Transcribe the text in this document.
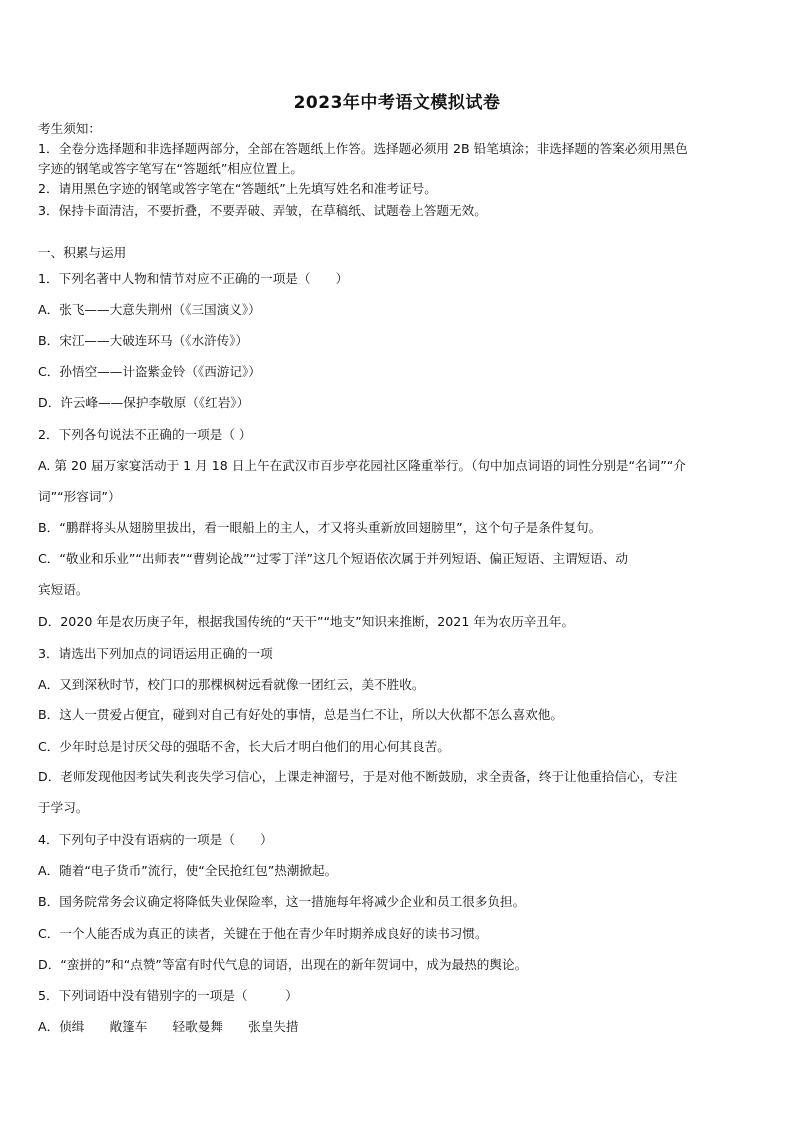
2023年中考语文模拟试卷
考生须知：
1．全卷分选择题和非选择题两部分，全部在答题纸上作答。选择题必须用 2B 铅笔填涂；非选择题的答案必须用黑色
字迹的钢笔或答字笔写在“答题纸”相应位置上。
2．请用黑色字迹的钢笔或答字笔在“答题纸”上先填写姓名和准考证号。
3．保持卡面清洁，不要折叠，不要弄破、弄皱，在草稿纸、试题卷上答题无效。
一、积累与运用
1．下列名著中人物和情节对应不正确的一项是（　　）
A．张飞——大意失荆州（《三国演义》）
B．宋江——大破连环马（《水浒传》）
C．孙悟空——计盗紫金铃（《西游记》）
D．许云峰——保护李敬原（《红岩》）
2．下列各句说法不正确的一项是（ ）
A. 第 20 届万家宴活动于 1 月 18 日上午在武汉市百步亭花园社区隆重举行。（句中加点词语的词性分别是“名词”“介
词”“形容词”）
B．“鹏群将头从翅膀里拔出，看一眼船上的主人，才又将头重新放回翅膀里”，这个句子是条件复句。
C．“敬业和乐业”“出师表”“曹刿论战”“过零丁洋”这几个短语依次属于并列短语、偏正短语、主谓短语、动
宾短语。
D．2020 年是农历庚子年，根据我国传统的“天干”“地支”知识来推断，2021 年为农历辛丑年。
3．请选出下列加点的词语运用正确的一项
A．又到深秋时节，校门口的那棵枫树远看就像一团红云，美不胜收。
B．这人一贯爱占便宜，碰到对自己有好处的事情，总是当仁不让，所以大伙都不怎么喜欢他。
C．少年时总是讨厌父母的强聒不舍，长大后才明白他们的用心何其良苦。
D．老师发现他因考试失利丧失学习信心，上课走神溜号，于是对他不断鼓励，求全责备，终于让他重拾信心，专注
于学习。
4．下列句子中没有语病的一项是（　　）
A．随着“电子货币”流行，使“全民抢红包”热潮掀起。
B．国务院常务会议确定将降低失业保险率，这一措施每年将减少企业和员工很多负担。
C．一个人能否成为真正的读者，关键在于他在青少年时期养成良好的读书习惯。
D．“蛮拼的”和“点赞”等富有时代气息的词语，出现在的新年贺词中，成为最热的舆论。
5．下列词语中没有错别字的一项是（　　　）
A．侦缉　　敞篷车　　轻歌曼舞　　张皇失措
